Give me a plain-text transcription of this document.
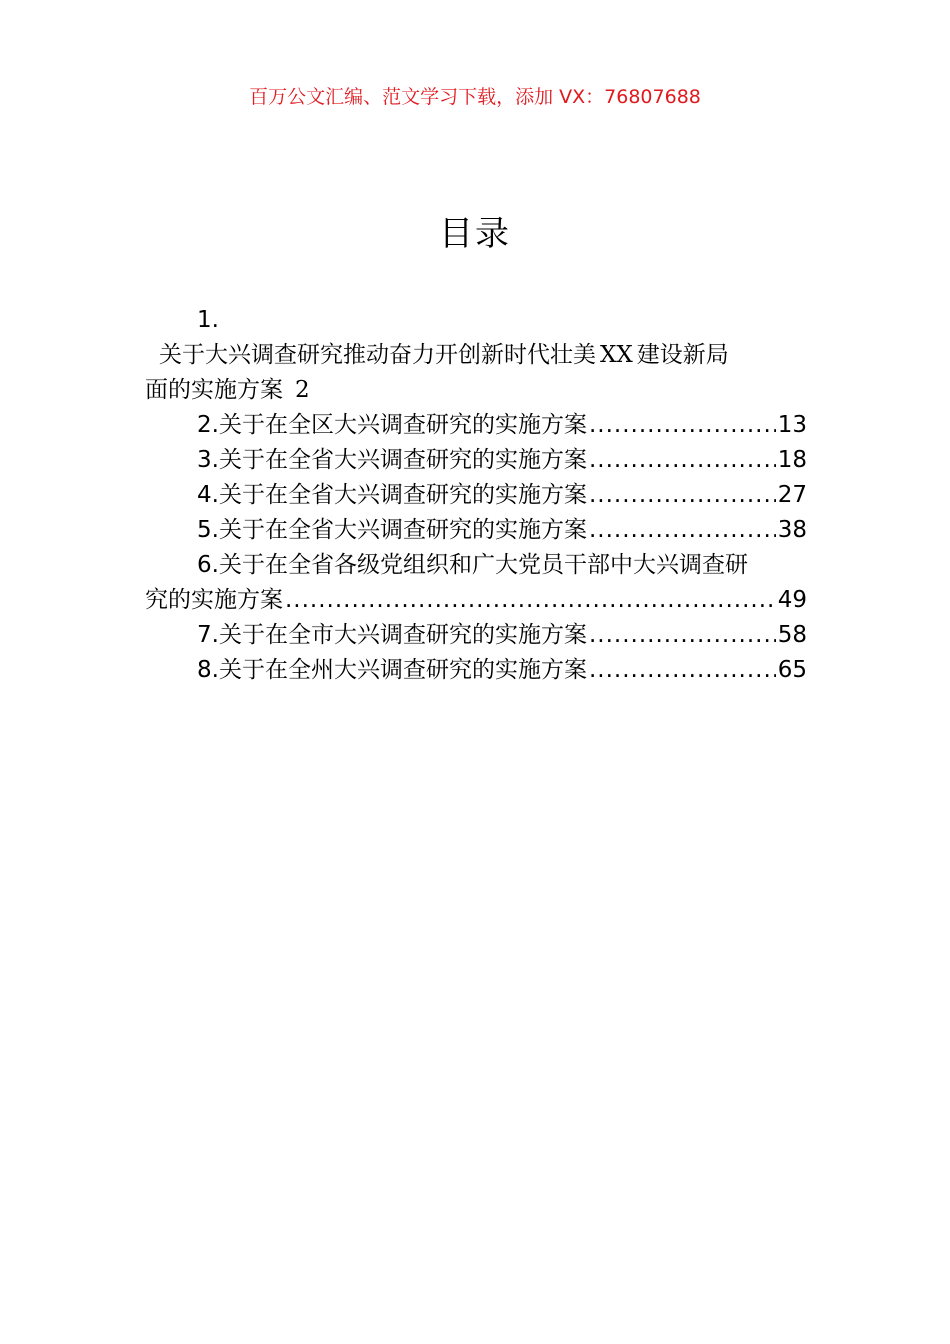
百万公文汇编、范文学习下载，添加 VX：76807688
目录
1.
关于大兴调查研究推动奋力开创新时代壮美 XX 建设新局
面的实施方案 2
2.关于在全区大兴调查研究的实施方案 .....	13
3.关于在全省大兴调查研究的实施方案 .....	18
4.关于在全省大兴调查研究的实施方案 .....	27
5.关于在全省大兴调查研究的实施方案 .....	38
6.关于在全省各级党组织和广大党员干部中大兴调查研
究的实施方案 .....	49
7.关于在全市大兴调查研究的实施方案 .....	58
8.关于在全州大兴调查研究的实施方案 .....	65
